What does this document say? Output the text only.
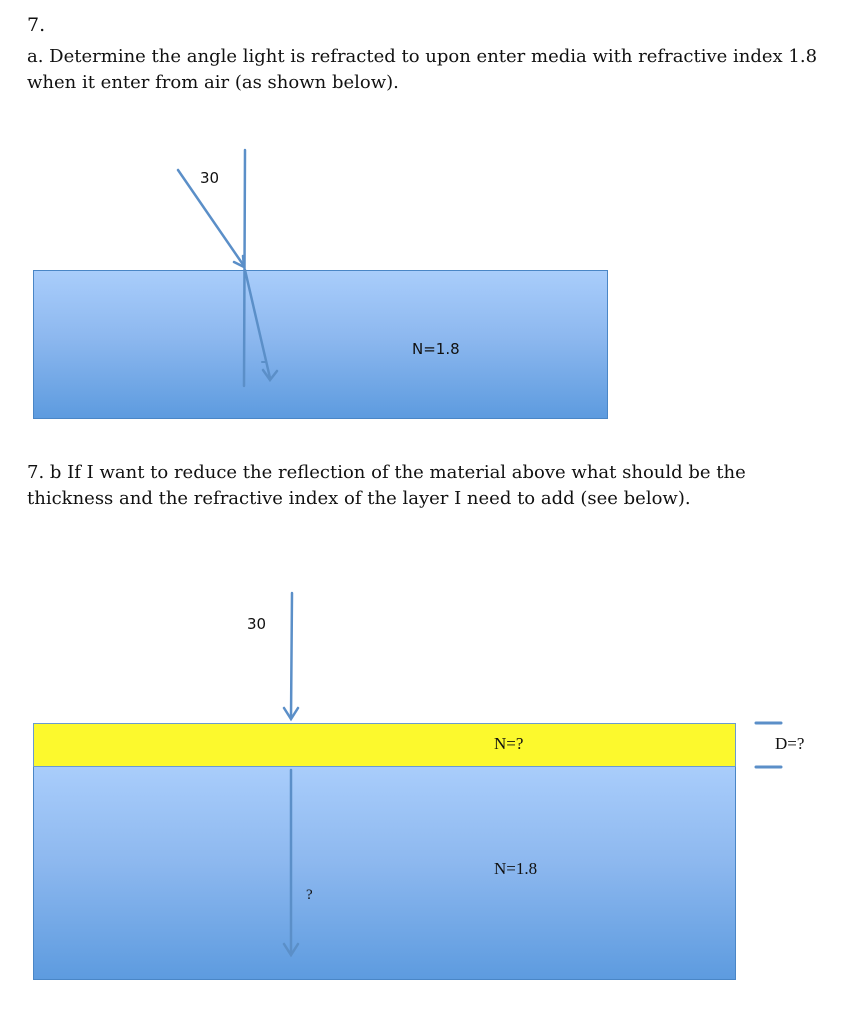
7.
a. Determine the angle light is refracted to upon enter media with refractive index 1.8 when it enter from air (as shown below).
N=1.8
30
7. b If I want to reduce the reflection of the material above what should be the thickness and the refractive index of the layer I need to add (see below).
N=?
N=1.8
30
?
D=?
